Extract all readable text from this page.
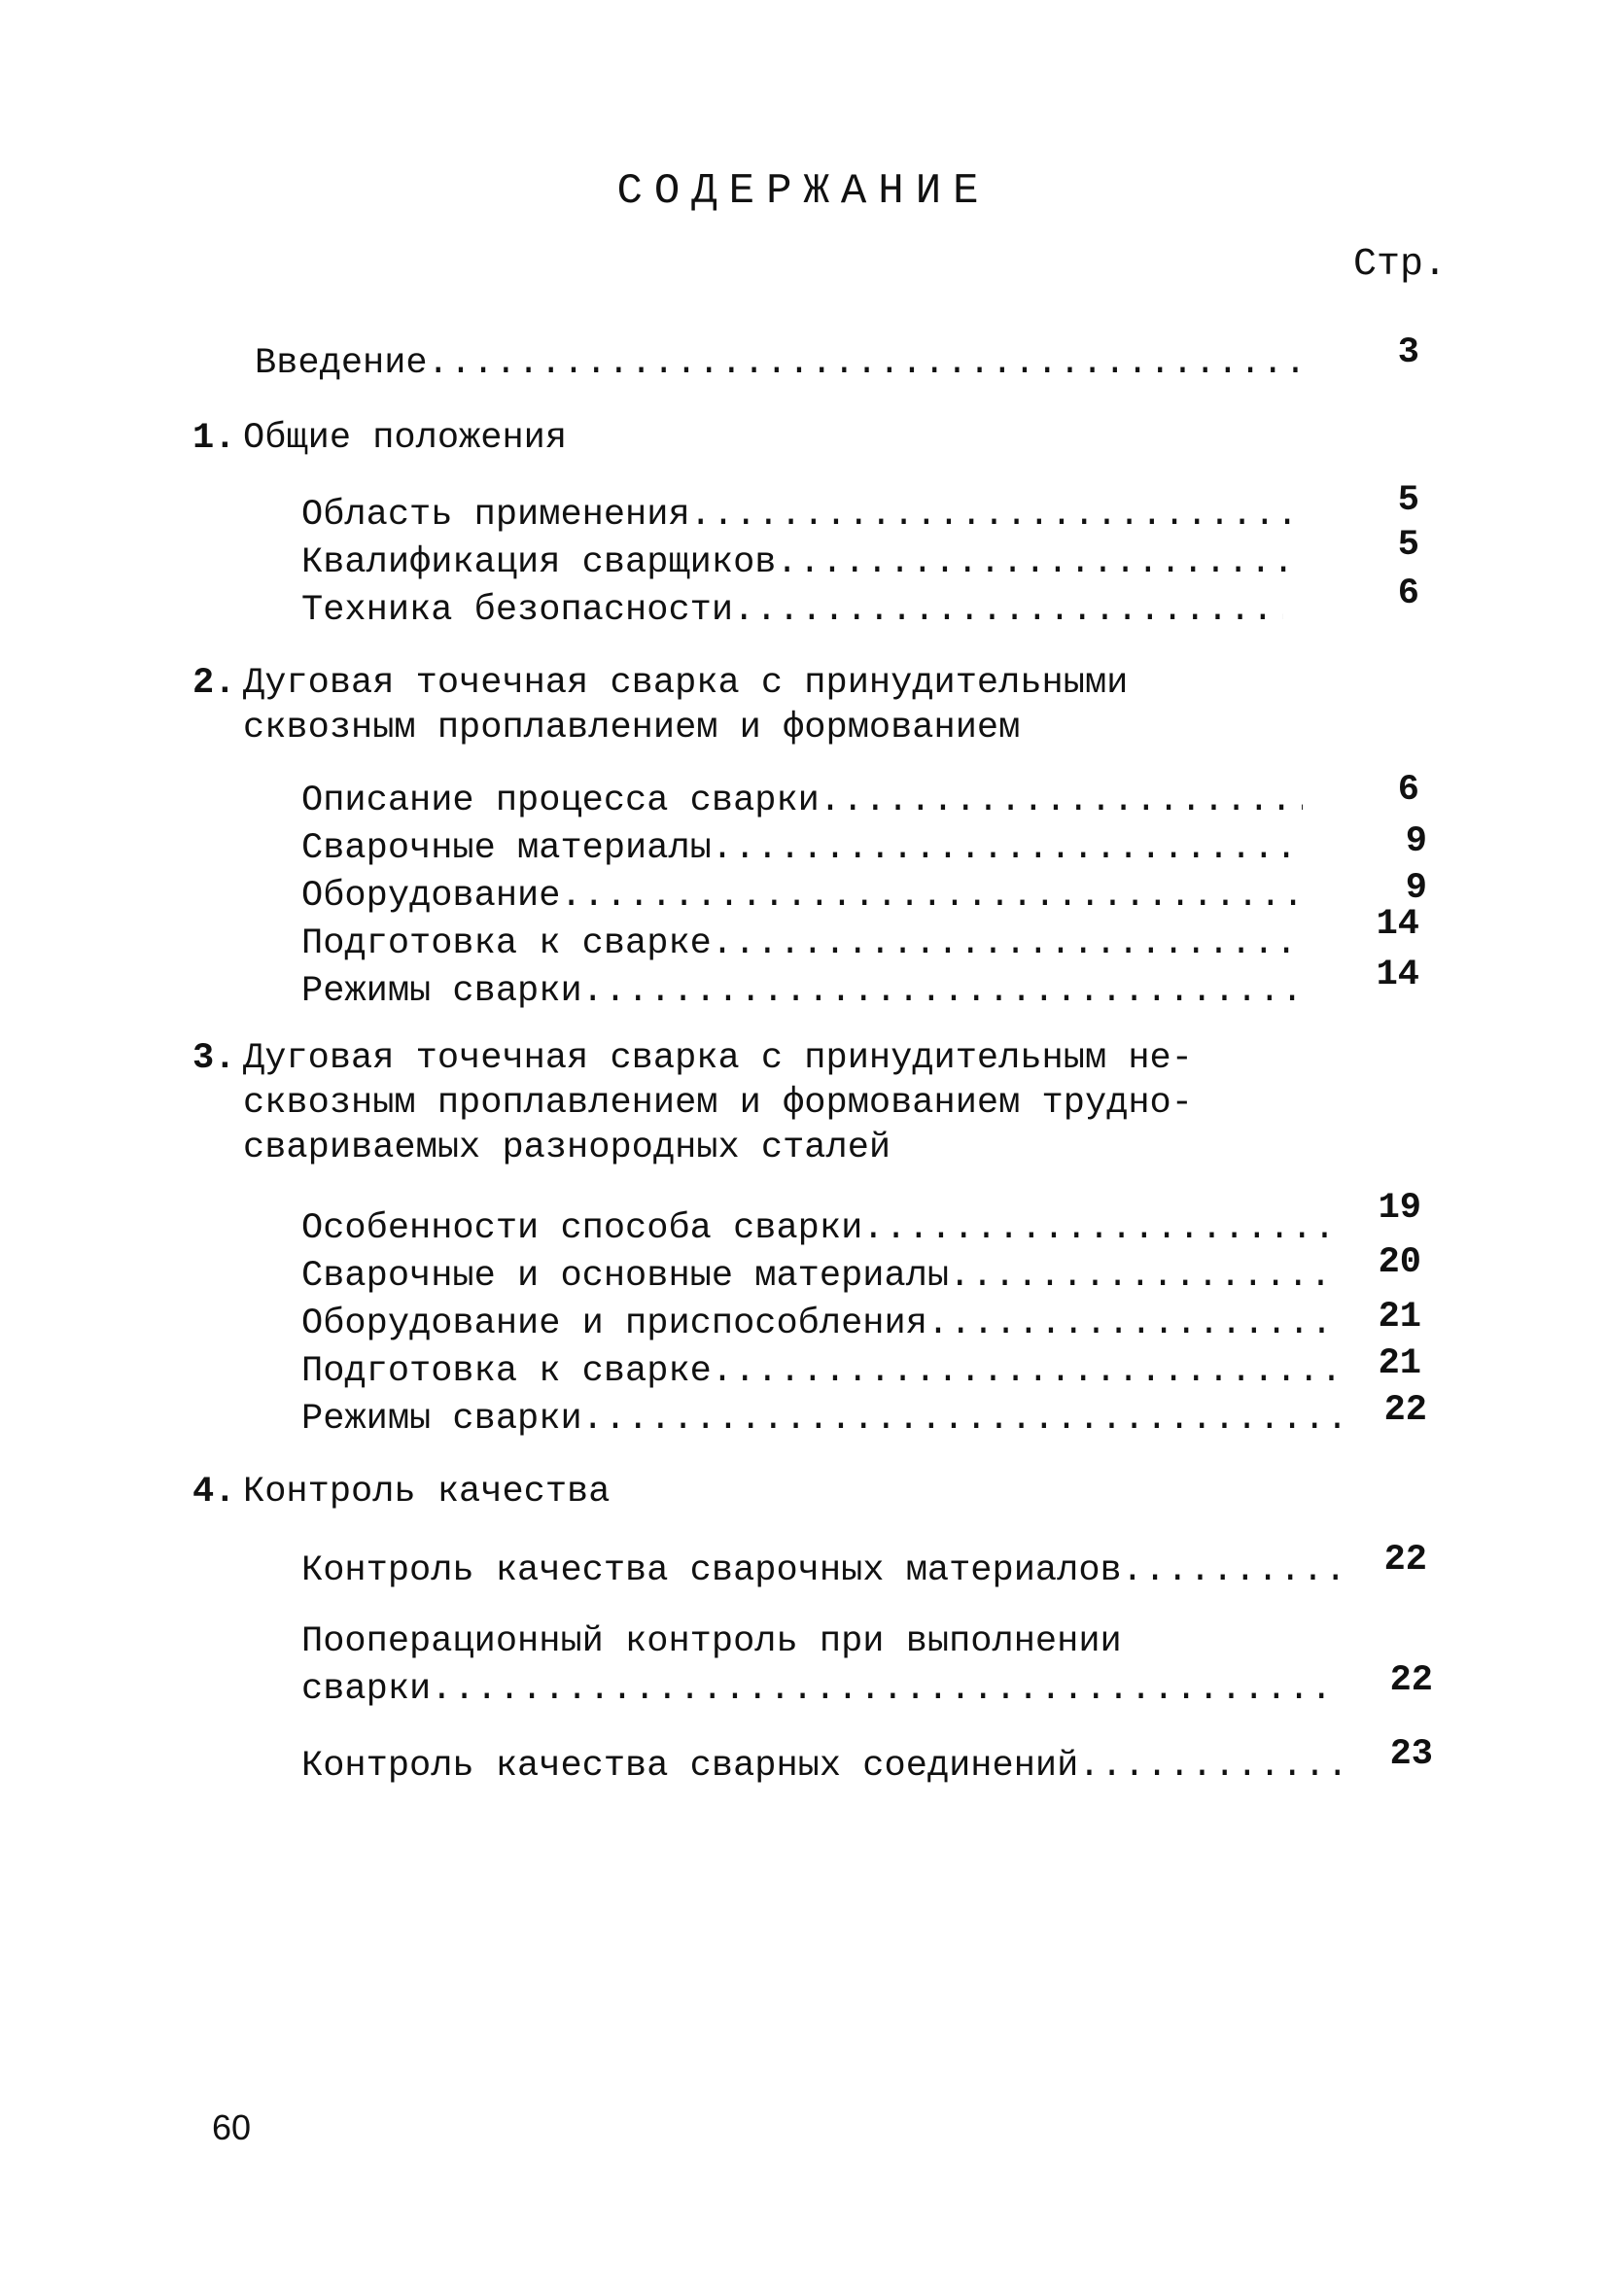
СОДЕРЖАНИЕ
Стр.
Введение .....	3
1. Общие положения
Область применения .....	5
Квалификация сварщиков .....	5
Техника безопасности .....	6
2. Дуговая точечная сварка с принудительными
сквозным проплавлением и формованием
Описание процесса сварки .....	6
Сварочные материалы .....	9
Оборудование .....	9
Подготовка к сварке .....	14
Режимы сварки .....	14
3. Дуговая точечная сварка с принудительным не-
сквозным проплавлением и формованием трудно-
свариваемых разнородных сталей
Особенности способа сварки .....	19
Сварочные и основные материалы .....	20
Оборудование и приспособления .....	21
Подготовка к сварке .....	21
Режимы сварки .....	22
4. Контроль качества
Контроль качества сварочных материалов .....	22
Пооперационный контроль при выполнении
сварки .....	22
Контроль качества сварных соединений .....	23
60
